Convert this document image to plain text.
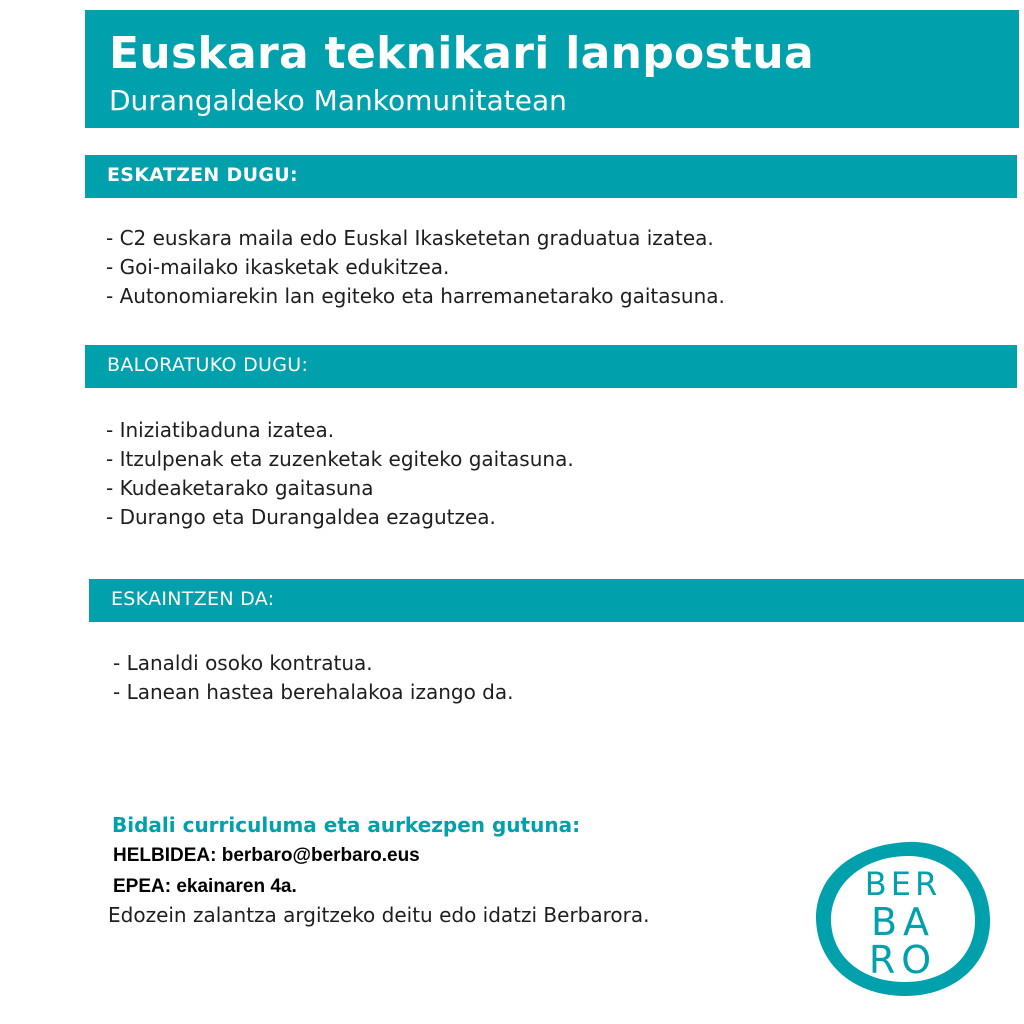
Euskara teknikari lanpostua
Durangaldeko Mankomunitatean
ESKATZEN DUGU:
- C2 euskara maila edo Euskal Ikasketetan graduatua izatea.
- Goi-mailako ikasketak edukitzea.
- Autonomiarekin lan egiteko eta harremanetarako gaitasuna.
BALORATUKO DUGU:
- Iniziatibaduna izatea.
- Itzulpenak eta zuzenketak egiteko gaitasuna.
- Kudeaketarako gaitasuna
- Durango eta Durangaldea ezagutzea.
ESKAINTZEN DA:
- Lanaldi osoko kontratua.
- Lanean hastea berehalakoa izango da.
Bidali curriculuma eta aurkezpen gutuna:
HELBIDEA: berbaro@berbaro.eus
EPEA: ekainaren 4a.
Edozein zalantza argitzeko deitu edo idatzi Berbarora.
BER
BA
RO
